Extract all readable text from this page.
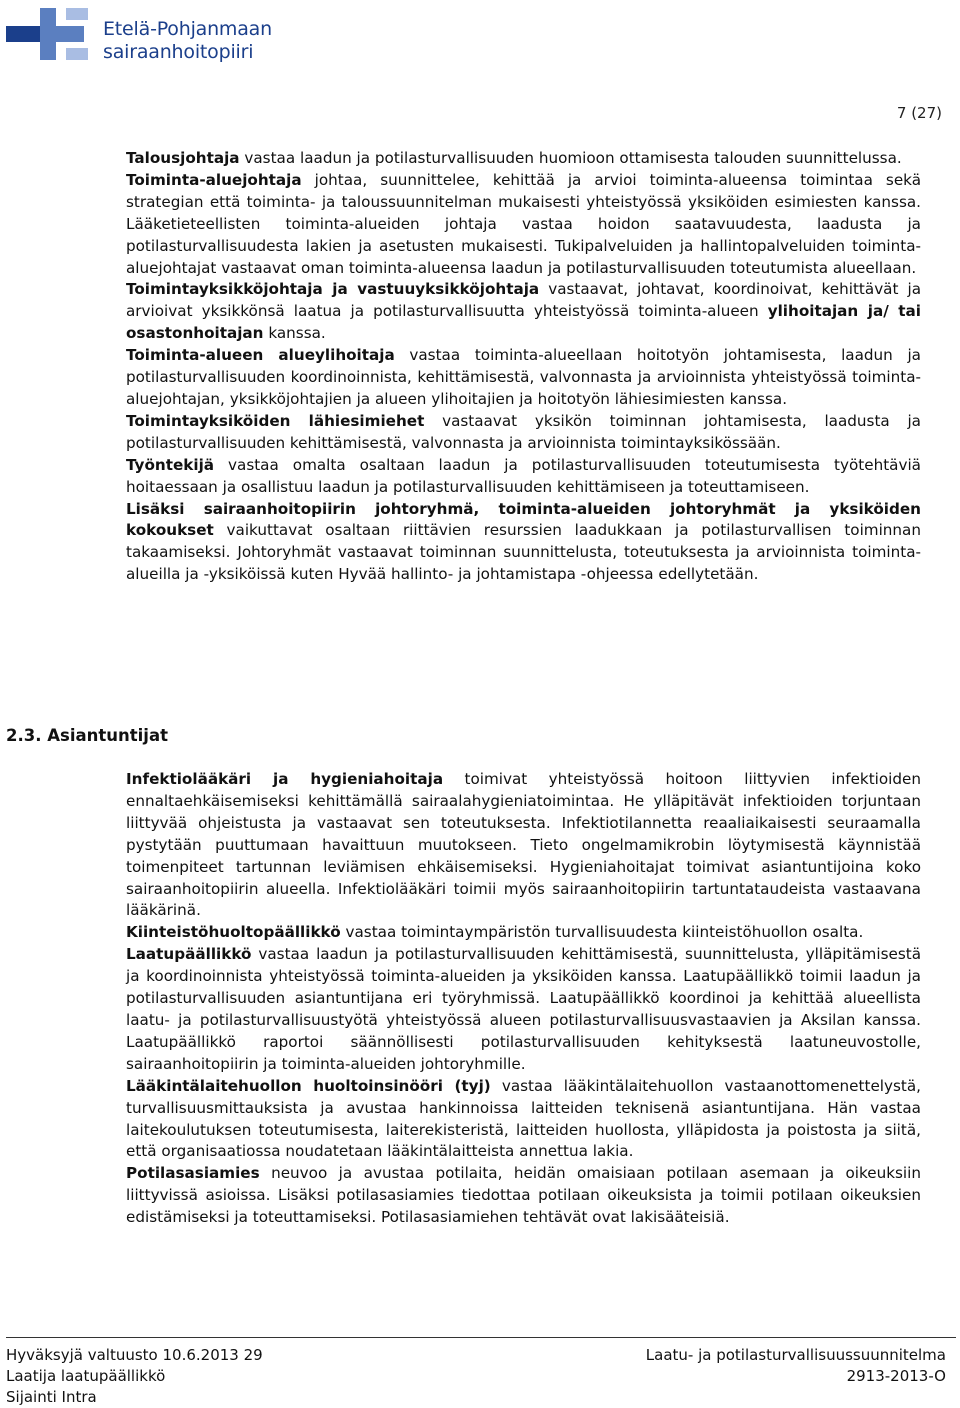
Etelä-Pohjanmaan
sairaanhoitopiiri
7 (27)

Talousjohtaja vastaa laadun ja potilasturvallisuuden huomioon ottamisesta talouden suunnittelussa.

Toiminta-aluejohtaja johtaa, suunnittelee, kehittää ja arvioi toiminta-alueensa toimintaa sekä strategian että toiminta- ja taloussuunnitelman mukaisesti yhteistyössä yksiköiden esimiesten kanssa. Lääketieteellisten toiminta-alueiden johtaja vastaa hoidon saatavuudesta, laadusta ja potilasturvallisuudesta lakien ja asetusten mukaisesti. Tukipalveluiden ja hallintopalveluiden toiminta-aluejohtajat vastaavat oman toiminta-alueensa laadun ja potilasturvallisuuden toteutumista alueellaan.

Toimintayksikköjohtaja ja vastuuyksikköjohtaja vastaavat, johtavat, koordinoivat, kehittävät ja arvioivat yksikkönsä laatua ja potilasturvallisuutta yhteistyössä toiminta-alueen ylihoitajan ja/ tai osastonhoitajan kanssa.

Toiminta-alueen alueylihoitaja vastaa toiminta-alueellaan hoitotyön johtamisesta, laadun ja potilasturvallisuuden koordinoinnista, kehittämisestä, valvonnasta ja arvioinnista yhteistyössä toiminta-aluejohtajan, yksikköjohtajien ja alueen ylihoitajien ja hoitotyön lähiesimiesten kanssa.

Toimintayksiköiden lähiesimiehet vastaavat yksikön toiminnan johtamisesta, laadusta ja potilasturvallisuuden kehittämisestä, valvonnasta ja arvioinnista toimintayksikössään.

Työntekijä vastaa omalta osaltaan laadun ja potilasturvallisuuden toteutumisesta työtehtäviä hoitaessaan ja osallistuu laadun ja potilasturvallisuuden kehittämiseen ja toteuttamiseen.

Lisäksi sairaanhoitopiirin johtoryhmä, toiminta-alueiden johtoryhmät ja yksiköiden kokoukset vaikuttavat osaltaan riittävien resurssien laadukkaan ja potilasturvallisen toiminnan takaamiseksi. Johtoryhmät vastaavat toiminnan suunnittelusta, toteutuksesta ja arvioinnista toiminta-alueilla ja -yksiköissä kuten Hyvää hallinto- ja johtamistapa -ohjeessa edellytetään.

2.3. Asiantuntijat

Infektiolääkäri ja hygieniahoitaja toimivat yhteistyössä hoitoon liittyvien infektioiden ennaltaehkäisemiseksi kehittämällä sairaalahygieniatoimintaa. He ylläpitävät infektioiden torjuntaan liittyvää ohjeistusta ja vastaavat sen toteutuksesta. Infektiotilannetta reaaliaikaisesti seuraamalla pystytään puuttumaan havaittuun muutokseen. Tieto ongelmamikrobin löytymisestä käynnistää toimenpiteet tartunnan leviämisen ehkäisemiseksi. Hygieniahoitajat toimivat asiantuntijoina koko sairaanhoitopiirin alueella. Infektiolääkäri toimii myös sairaanhoitopiirin tartuntataudeista vastaavana lääkärinä.

Kiinteistöhuoltopäällikkö vastaa toimintaympäristön turvallisuudesta kiinteistöhuollon osalta.

Laatupäällikkö vastaa laadun ja potilasturvallisuuden kehittämisestä, suunnittelusta, ylläpitämisestä ja koordinoinnista yhteistyössä toiminta-alueiden ja yksiköiden kanssa. Laatupäällikkö toimii laadun ja potilasturvallisuuden asiantuntijana eri työryhmissä. Laatupäällikkö koordinoi ja kehittää alueellista laatu- ja potilasturvallisuustyötä yhteistyössä alueen potilasturvallisuusvastaavien ja Aksilan kanssa. Laatupäällikkö raportoi säännöllisesti potilasturvallisuuden kehityksestä laatuneuvostolle, sairaanhoitopiirin ja toiminta-alueiden johtoryhmille.

Lääkintälaitehuollon huoltoinsinööri (tyj) vastaa lääkintälaitehuollon vastaanottomenettelystä, turvallisuusmittauksista ja avustaa hankinnoissa laitteiden teknisenä asiantuntijana. Hän vastaa laitekoulutuksen toteutumisesta, laiterekisteristä, laitteiden huollosta, ylläpidosta ja poistosta ja siitä, että organisaatiossa noudatetaan lääkintälaitteista annettua lakia.

Potilasasiamies neuvoo ja avustaa potilaita, heidän omaisiaan potilaan asemaan ja oikeuksiin liittyvissä asioissa. Lisäksi potilasasiamies tiedottaa potilaan oikeuksista ja toimii potilaan oikeuksien edistämiseksi ja toteuttamiseksi. Potilasasiamiehen tehtävät ovat lakisääteisiä.

Hyväksyjä valtuusto 10.6.2013 29
Laatija laatupäällikkö
Sijainti Intra
Laatu- ja potilasturvallisuussuunnitelma
2913-2013-O
